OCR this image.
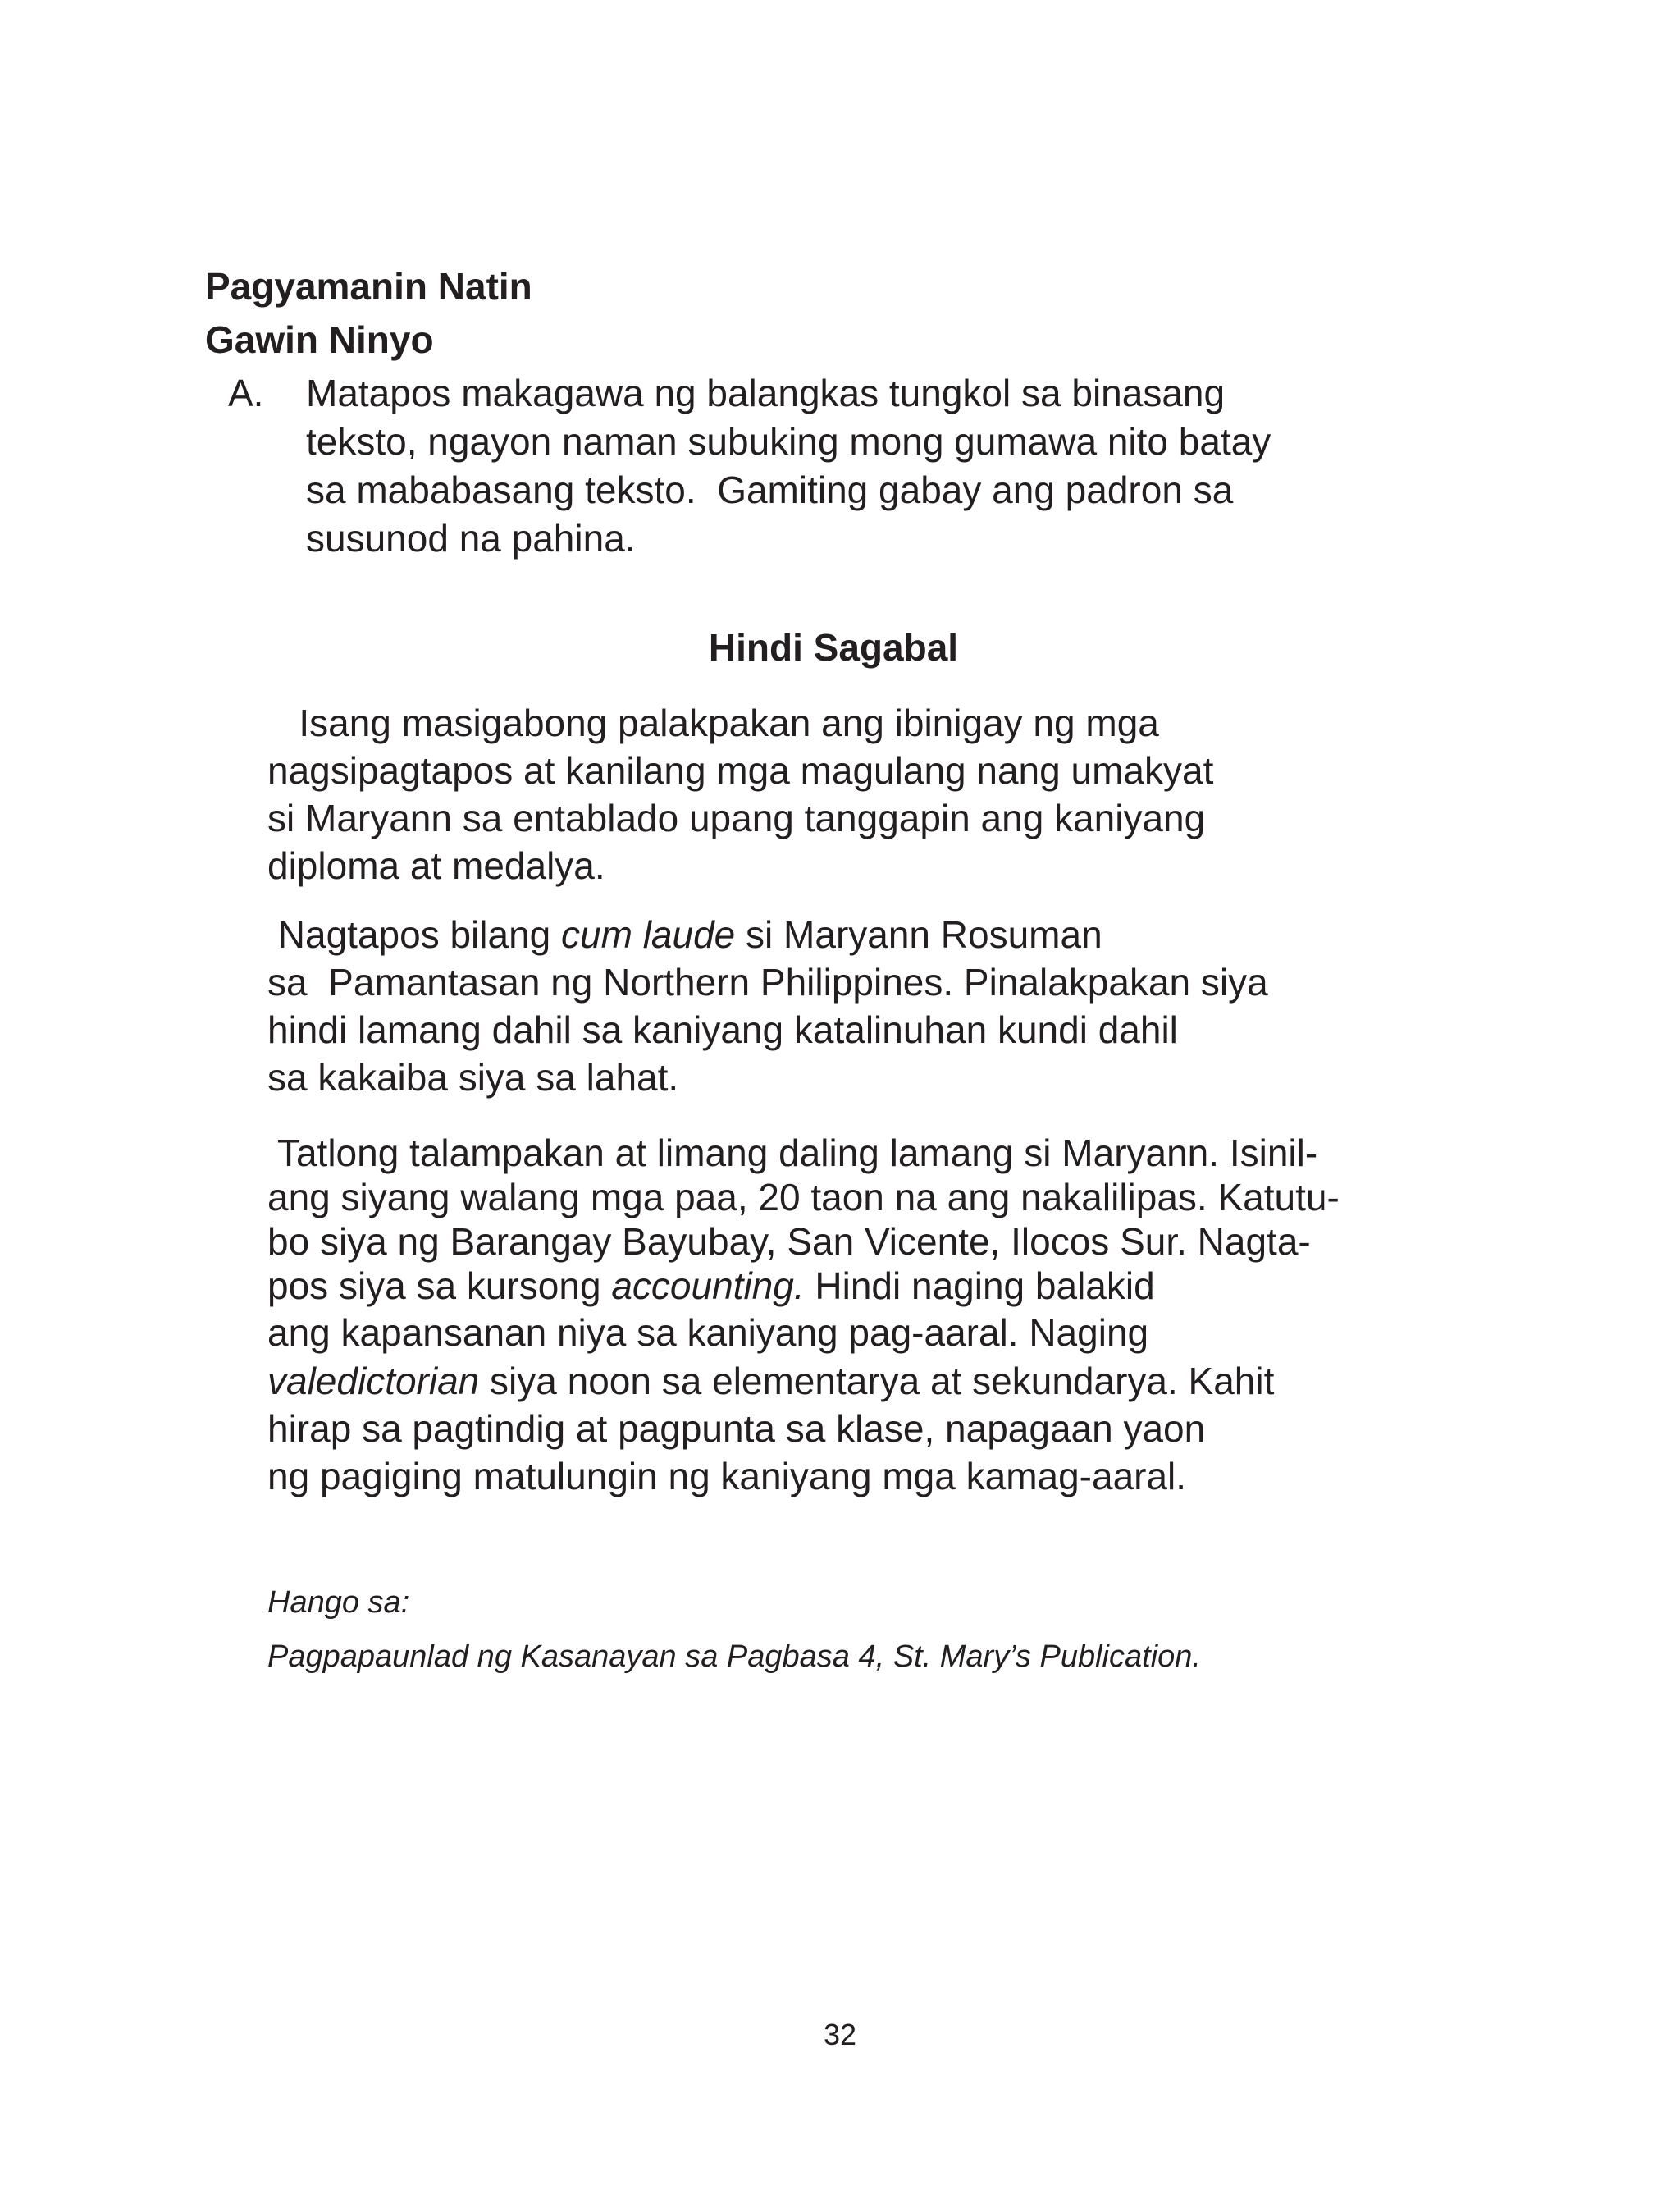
Pagyamanin Natin
Gawin Ninyo
A. Matapos makagawa ng balangkas tungkol sa binasang
teksto, ngayon naman subuking mong gumawa nito batay
sa mababasang teksto.  Gamiting gabay ang padron sa
susunod na pahina.
Hindi Sagabal
Isang masigabong palakpakan ang ibinigay ng mga
nagsipagtapos at kanilang mga magulang nang umakyat
si Maryann sa entablado upang tanggapin ang kaniyang
diploma at medalya.
Nagtapos bilang cum laude si Maryann Rosuman
sa  Pamantasan ng Northern Philippines. Pinalakpakan siya
hindi lamang dahil sa kaniyang katalinuhan kundi dahil
sa kakaiba siya sa lahat.
Tatlong talampakan at limang daling lamang si Maryann. Isinil-
ang siyang walang mga paa, 20 taon na ang nakalilipas. Katutu-
bo siya ng Barangay Bayubay, San Vicente, Ilocos Sur. Nagta-
pos siya sa kursong accounting. Hindi naging balakid
ang kapansanan niya sa kaniyang pag-aaral. Naging
valedictorian siya noon sa elementarya at sekundarya. Kahit
hirap sa pagtindig at pagpunta sa klase, napagaan yaon
ng pagiging matulungin ng kaniyang mga kamag-aaral.
Hango sa:
Pagpapaunlad ng Kasanayan sa Pagbasa 4, St. Mary’s Publication.

32
